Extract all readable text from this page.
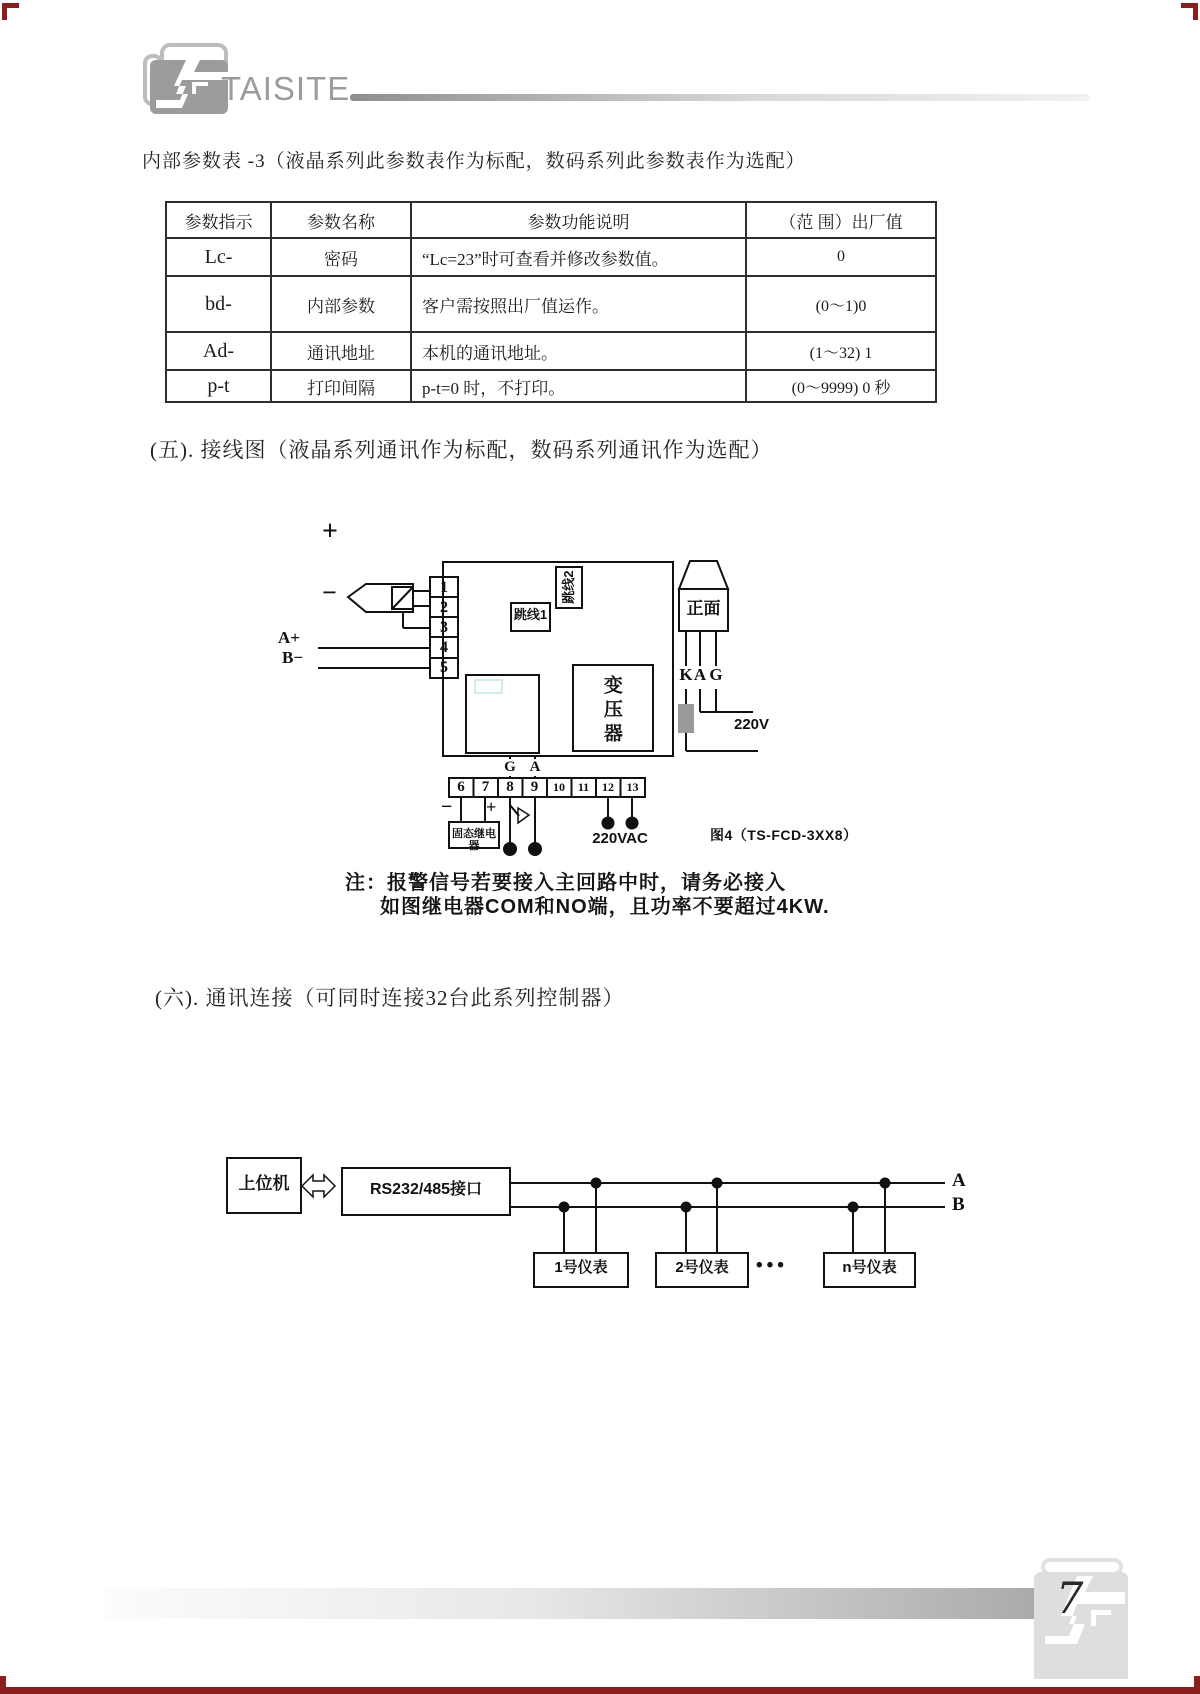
TAISITE
内部参数表 -3（液晶系列此参数表作为标配，数码系列此参数表作为选配）
参数指示	参数名称	参数功能说明	（范 围）出厂值
Lc-	密码	“Lc=23”时可查看并修改参数值。	0
bd-	内部参数	客户需按照出厂值运作。	(0～1)0
Ad-	通讯地址	本机的通讯地址。	(1～32) 1
p-t	打印间隔	p-t=0 时，不打印。	(0～9999) 0 秒
(五). 接线图（液晶系列通讯作为标配，数码系列通讯作为选配）
+
−
A+
B−
1
2
3
4
5
跳线1
跳线2
正面
变压器
K A G
220V
G A
6	7	8	9	10	11	12	13
− +
固态继电器	220VAC	图4（TS-FCD-3XX8）
注：报警信号若要接入主回路中时，请务必接入
如图继电器COM和NO端，且功率不要超过4KW.
(六). 通讯连接（可同时连接32台此系列控制器）
上位机	RS232/485接口	A
B
1号仪表	2号仪表	•••	n号仪表
7
